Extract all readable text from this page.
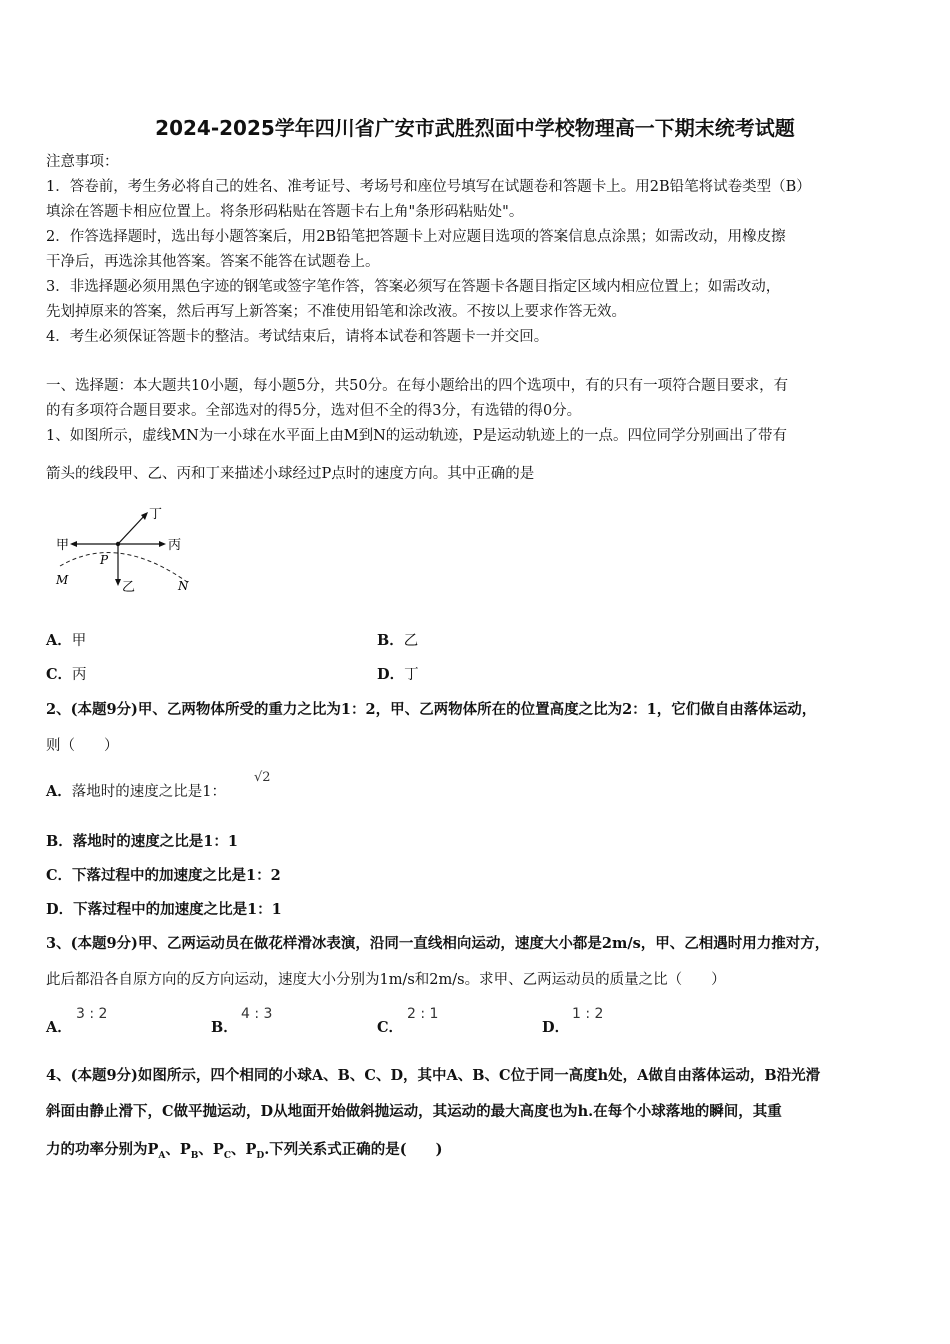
2024-2025学年四川省广安市武胜烈面中学校物理高一下期末统考试题
注意事项：
1．答卷前，考生务必将自己的姓名、准考证号、考场号和座位号填写在试题卷和答题卡上。用2B铅笔将试卷类型（B）
填涂在答题卡相应位置上。将条形码粘贴在答题卡右上角"条形码粘贴处"。
2．作答选择题时，选出每小题答案后，用2B铅笔把答题卡上对应题目选项的答案信息点涂黑；如需改动，用橡皮擦
干净后，再选涂其他答案。答案不能答在试题卷上。
3．非选择题必须用黑色字迹的钢笔或签字笔作答，答案必须写在答题卡各题目指定区域内相应位置上；如需改动，
先划掉原来的答案，然后再写上新答案；不准使用铅笔和涂改液。不按以上要求作答无效。
4．考生必须保证答题卡的整洁。考试结束后，请将本试卷和答题卡一并交回。
一、选择题：本大题共10小题，每小题5分，共50分。在每小题给出的四个选项中，有的只有一项符合题目要求，有
的有多项符合题目要求。全部选对的得5分，选对但不全的得3分，有选错的得0分。
1、如图所示，虚线MN为一小球在水平面上由M到N的运动轨迹，P是运动轨迹上的一点。四位同学分别画出了带有
箭头的线段甲、乙、丙和丁来描述小球经过P点时的速度方向。其中正确的是
甲	丙
乙
丁
P
M	N
A．甲	B．乙
C．丙	D．丁
2、(本题9分)甲、乙两物体所受的重力之比为1：2，甲、乙两物体所在的位置高度之比为2：1，它们做自由落体运动，
则（　　）
A．落地时的速度之比是1：
√2
B．落地时的速度之比是1：1
C．下落过程中的加速度之比是1：2
D．下落过程中的加速度之比是1：1
3、(本题9分)甲、乙两运动员在做花样滑冰表演，沿同一直线相向运动，速度大小都是2m/s，甲、乙相遇时用力推对方，
此后都沿各自原方向的反方向运动，速度大小分别为1m/s和2m/s。求甲、乙两运动员的质量之比（　　）
A．
3 : 2
B．
4 : 3
C．
2 : 1
D．
1 : 2
4、(本题9分)如图所示，四个相同的小球A、B、C、D，其中A、B、C位于同一高度h处，A做自由落体运动，B沿光滑
斜面由静止滑下，C做平抛运动，D从地面开始做斜抛运动，其运动的最大高度也为h.在每个小球落地的瞬间，其重
力的功率分别为$P_A$、$P_B$、$P_C$、$P_D$.下列关系式正确的是(　　)
